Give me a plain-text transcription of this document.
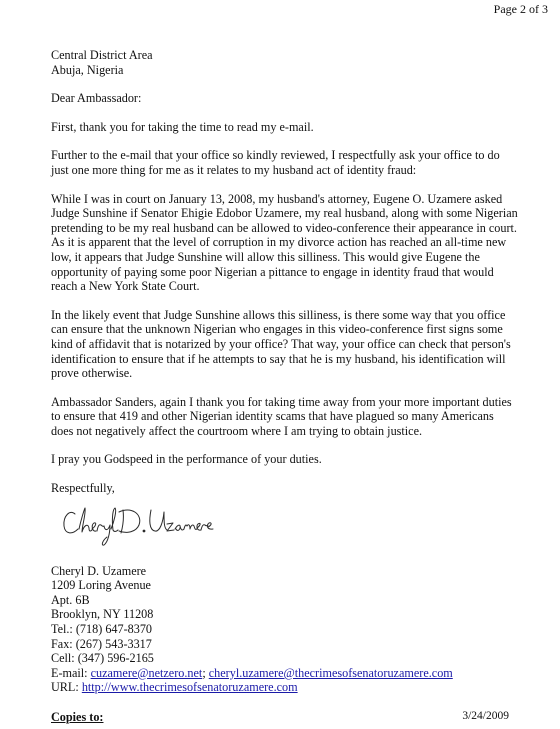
Page 2 of 3
Central District Area
Abuja, Nigeria

Dear Ambassador:

First, thank you for taking the time to read my e-mail.

Further to the e-mail that your office so kindly reviewed, I respectfully ask your office to do just one more thing for me as it relates to my husband act of identity fraud:

While I was in court on January 13, 2008, my husband's attorney, Eugene O. Uzamere asked Judge Sunshine if Senator Ehigie Edobor Uzamere, my real husband, along with some Nigerian pretending to be my real husband can be allowed to video-conference their appearance in court. As it is apparent that the level of corruption in my divorce action has reached an all-time new low, it appears that Judge Sunshine will allow this silliness. This would give Eugene the opportunity of paying some poor Nigerian a pittance to engage in identity fraud that would reach a New York State Court.

In the likely event that Judge Sunshine allows this silliness, is there some way that you office can ensure that the unknown Nigerian who engages in this video-conference first signs some kind of affidavit that is notarized by your office? That way, your office can check that person's identification to ensure that if he attempts to say that he is my husband, his identification will prove otherwise.

Ambassador Sanders, again I thank you for taking time away from your more important duties to ensure that 419 and other Nigerian identity scams that have plagued so many Americans does not negatively affect the courtroom where I am trying to obtain justice.

I pray you Godspeed in the performance of your duties.

Respectfully,

Cheryl D. Uzamere
1209 Loring Avenue
Apt. 6B
Brooklyn, NY 11208
Tel.: (718) 647-8370
Fax: (267) 543-3317
Cell: (347) 596-2165
E-mail: cuzamere@netzero.net; cheryl.uzamere@thecrimesofsenatoruzamere.com
URL: http://www.thecrimesofsenatoruzamere.com
Copies to:	3/24/2009
